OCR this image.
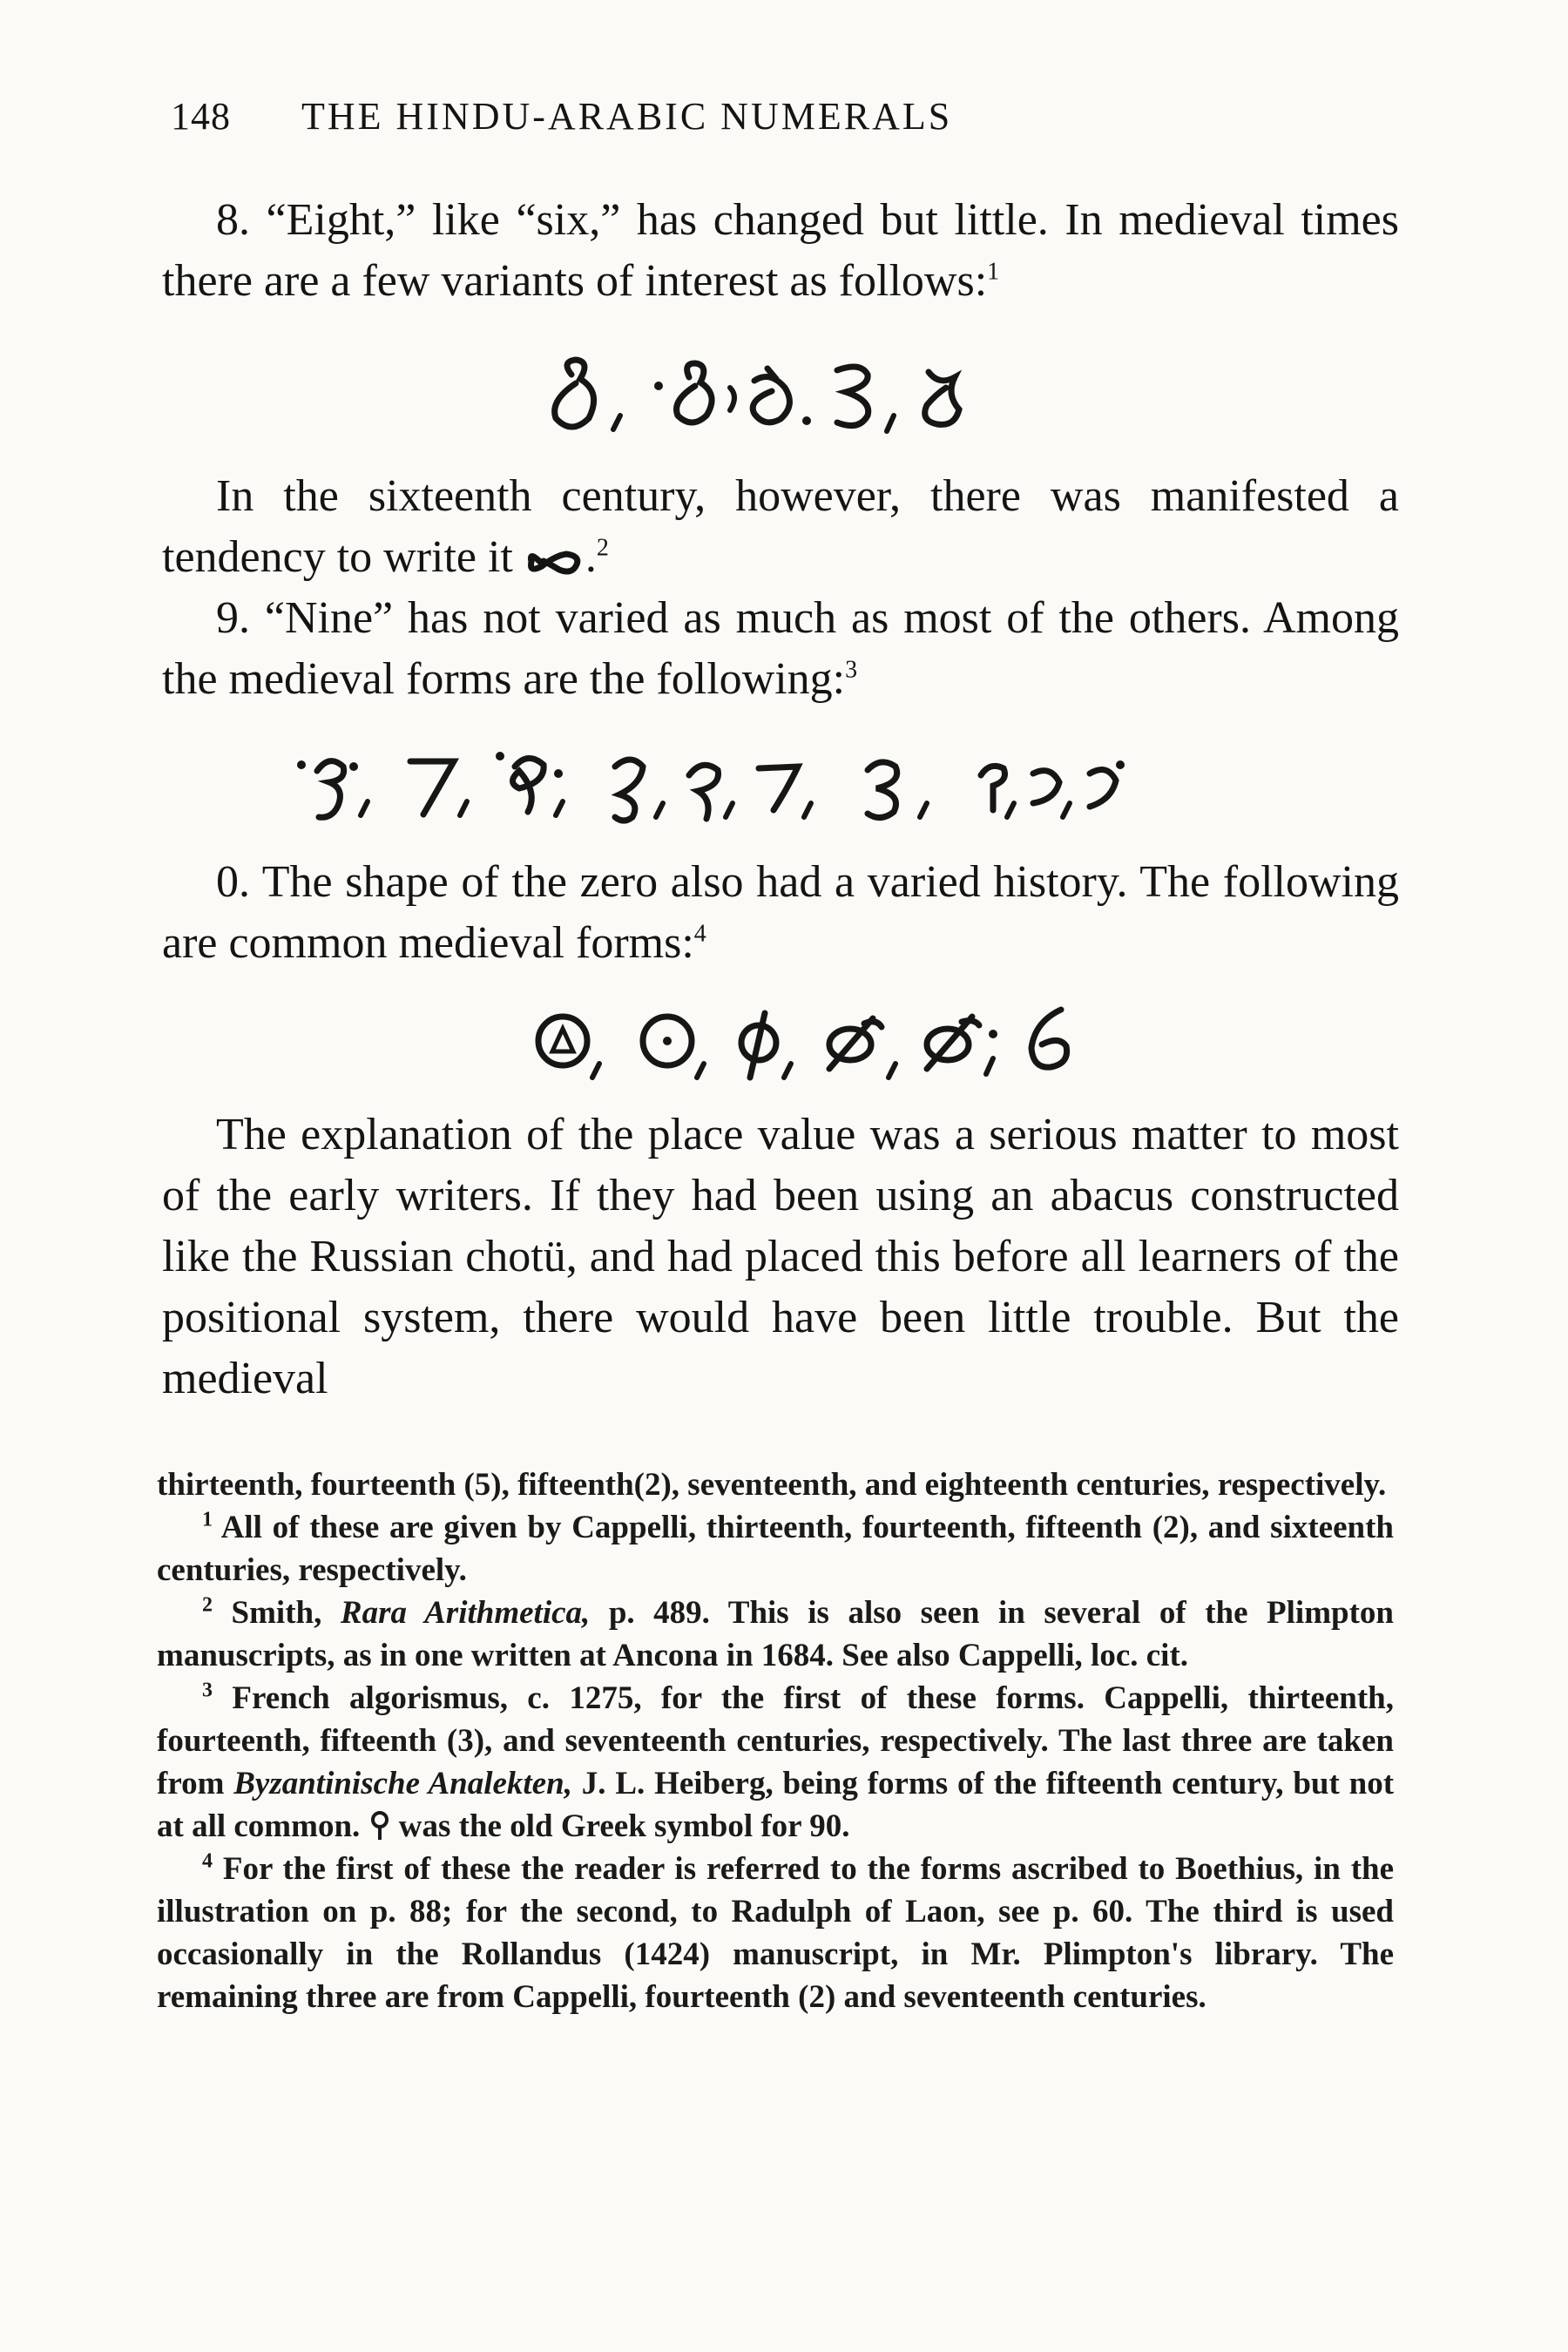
148 THE HINDU-ARABIC NUMERALS

8. “Eight,” like “six,” has changed but little. In medieval times there are a few variants of interest as follows:$^1$

In the sixteenth century, however, there was manifested a tendency to write it .$^2$

9. “Nine” has not varied as much as most of the others. Among the medieval forms are the following:$^3$

0. The shape of the zero also had a varied history. The following are common medieval forms:$^4$

The explanation of the place value was a serious matter to most of the early writers. If they had been using an abacus constructed like the Russian chotü, and had placed this before all learners of the positional system, there would have been little trouble. But the medieval

thirteenth, fourteenth (5), fifteenth(2), seventeenth, and eighteenth centuries, respectively.

$^1$ All of these are given by Cappelli, thirteenth, fourteenth, fifteenth (2), and sixteenth centuries, respectively.

$^2$ Smith, Rara Arithmetica, p. 489. This is also seen in several of the Plimpton manuscripts, as in one written at Ancona in 1684. See also Cappelli, loc. cit.

$^3$ French algorismus, c. 1275, for the first of these forms. Cappelli, thirteenth, fourteenth, fifteenth (3), and seventeenth centuries, respectively. The last three are taken from Byzantinische Analekten, J. L. Heiberg, being forms of the fifteenth century, but not at all common. was the old Greek symbol for 90.

$^4$ For the first of these the reader is referred to the forms ascribed to Boethius, in the illustration on p. 88; for the second, to Radulph of Laon, see p. 60. The third is used occasionally in the Rollandus (1424) manuscript, in Mr. Plimpton's library. The remaining three are from Cappelli, fourteenth (2) and seventeenth centuries.
